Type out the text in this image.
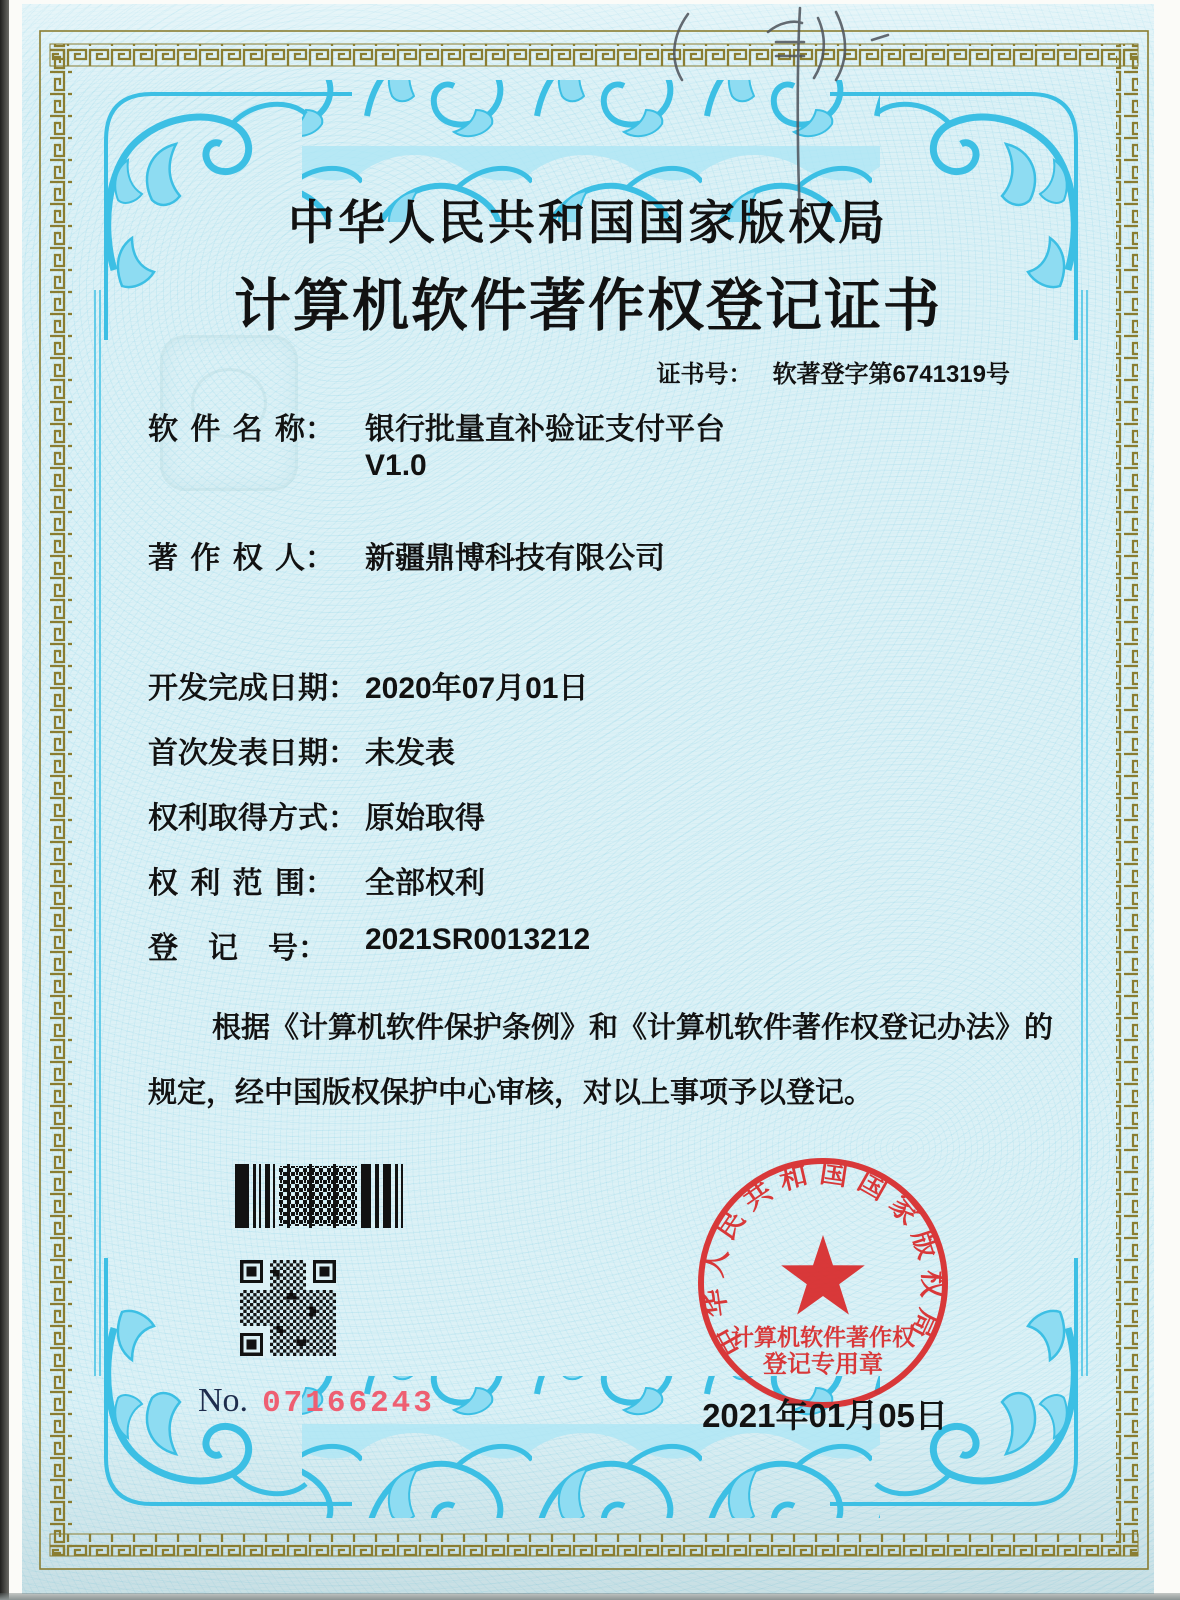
中华人民共和国国家版权局
计算机软件著作权登记证书
证书号： 软著登字第6741319号
软 件 名 称： 银行批量直补验证支付平台
V1.0
著 作 权 人： 新疆鼎博科技有限公司
开发完成日期： 2020年07月01日
首次发表日期： 未发表
权利取得方式： 原始取得
权 利 范 围： 全部权利
登　记　号： 2021SR0013212
根据《计算机软件保护条例》和《计算机软件著作权登记办法》的
规定，经中国版权保护中心审核，对以上事项予以登记。
No. 07166243
中华人民共和国国家版权局
计算机软件著作权
登记专用章
2021年01月05日
